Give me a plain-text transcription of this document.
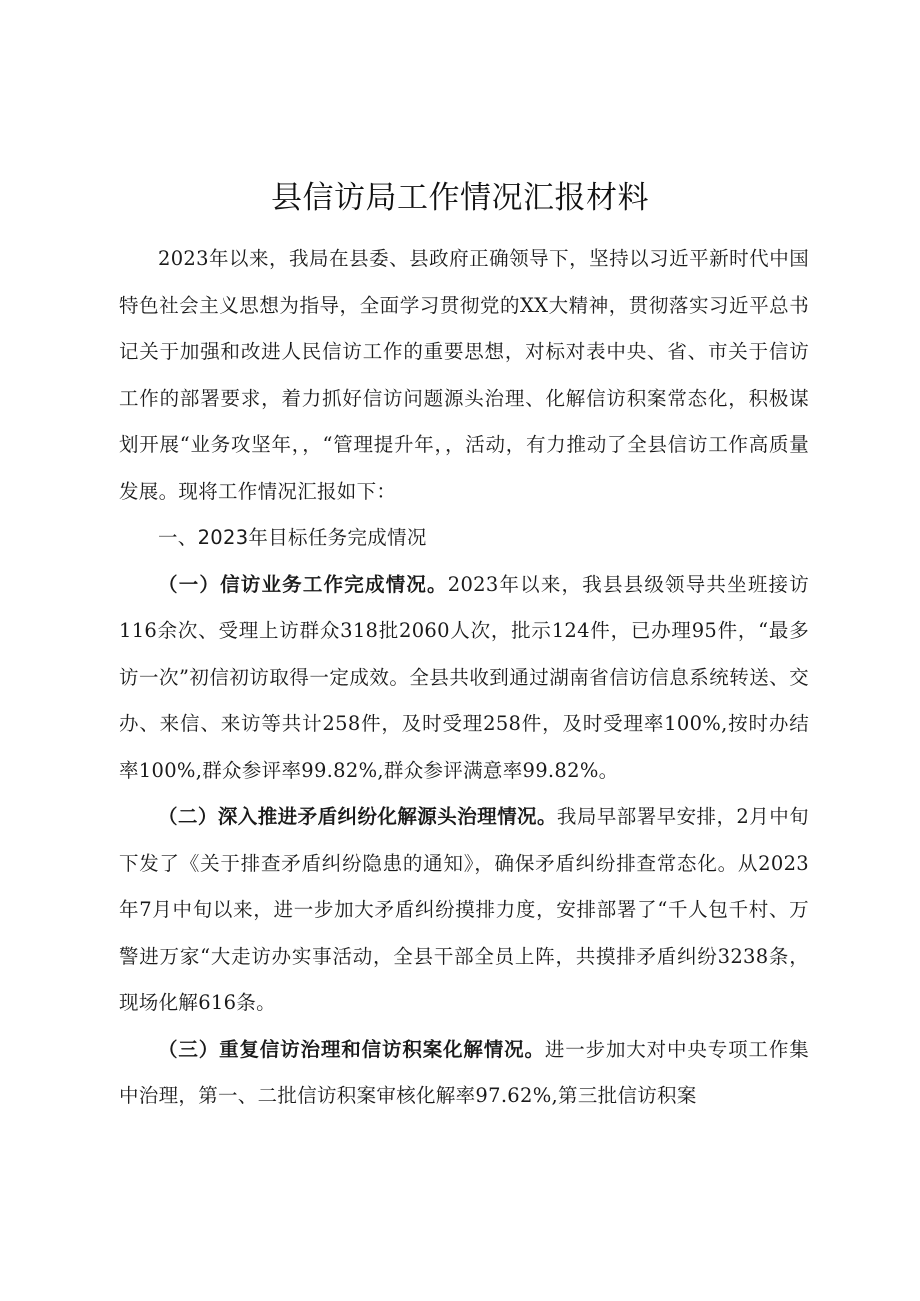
县信访局工作情况汇报材料

2023年以来，我局在县委、县政府正确领导下，坚持以习近平新时代中国特色社会主义思想为指导，全面学习贯彻党的XX大精神，贯彻落实习近平总书记关于加强和改进人民信访工作的重要思想，对标对表中央、省、市关于信访工作的部署要求，着力抓好信访问题源头治理、化解信访积案常态化，积极谋划开展“业务攻坚年，，“管理提升年，，活动，有力推动了全县信访工作高质量发展。现将工作情况汇报如下：

一、2023年目标任务完成情况

（一）信访业务工作完成情况。2023年以来，我县县级领导共坐班接访116余次、受理上访群众318批2060人次，批示124件，已办理95件，“最多访一次”初信初访取得一定成效。全县共收到通过湖南省信访信息系统转送、交办、来信、来访等共计258件，及时受理258件，及时受理率100%,按时办结率100%,群众参评率99.82%,群众参评满意率99.82%。

（二）深入推进矛盾纠纷化解源头治理情况。我局早部署早安排，2月中旬下发了《关于排查矛盾纠纷隐患的通知》，确保矛盾纠纷排查常态化。从2023年7月中旬以来，进一步加大矛盾纠纷摸排力度，安排部署了“千人包千村、万警进万家“大走访办实事活动，全县干部全员上阵，共摸排矛盾纠纷3238条，现场化解616条。

（三）重复信访治理和信访积案化解情况。进一步加大对中央专项工作集中治理，第一、二批信访积案审核化解率97.62%,第三批信访积案
